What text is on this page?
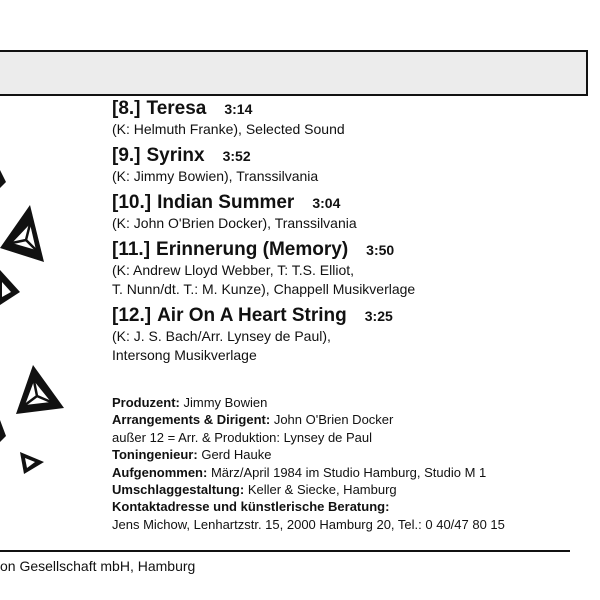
[8.] Teresa 3:14
(K: Helmuth Franke), Selected Sound
[9.] Syrinx 3:52
(K: Jimmy Bowien), Transsilvania
[10.] Indian Summer 3:04
(K: John O'Brien Docker), Transsilvania
[11.] Erinnerung (Memory) 3:50
(K: Andrew Lloyd Webber, T: T.S. Elliot,
T. Nunn/dt. T.: M. Kunze), Chappell Musikverlage
[12.] Air On A Heart String 3:25
(K: J. S. Bach/Arr. Lynsey de Paul),
Intersong Musikverlage
Produzent: Jimmy Bowien
Arrangements & Dirigent: John O'Brien Docker
außer 12 = Arr. & Produktion: Lynsey de Paul
Toningenieur: Gerd Hauke
Aufgenommen: März/April 1984 im Studio Hamburg, Studio M 1
Umschlaggestaltung: Keller & Siecke, Hamburg
Kontaktadresse und künstlerische Beratung:
Jens Michow, Lenhartzstr. 15, 2000 Hamburg 20, Tel.: 0 40/47 80 15
on Gesellschaft mbH, Hamburg
